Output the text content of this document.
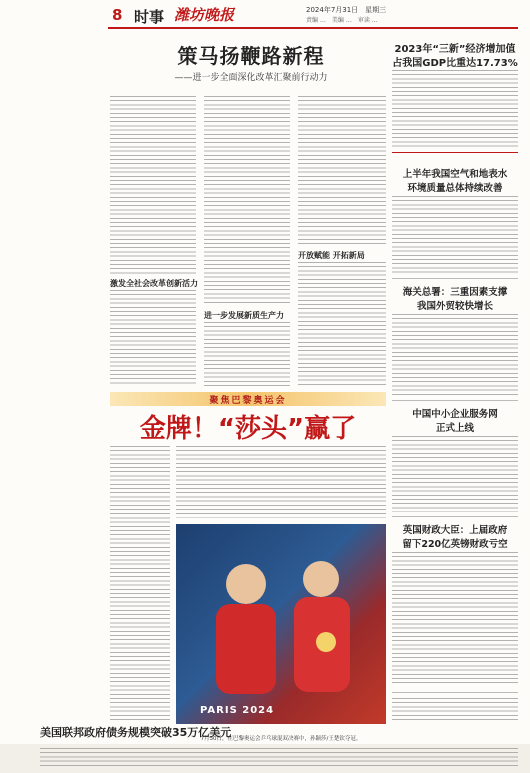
8 时事 潍坊晚报	2024年7月31日　星期三
责编 …　美编 …　审读 …
策马扬鞭路新程
——进一步全面深化改革汇聚前行动力
激发全社会改革创新活力
进一步发展新质生产力
开放赋能 开拓新局
聚焦巴黎奥运会
金牌！“莎头”赢了
PARIS 2024
7月30日，在巴黎奥运会乒乓球混双决赛中，孙颖莎/王楚钦夺冠。
2023年“三新”经济增加值
占我国GDP比重达17.73%
上半年我国空气和地表水
环境质量总体持续改善
海关总署：三重因素支撑
我国外贸较快增长
中国中小企业服务网
正式上线
英国财政大臣：上届政府
留下220亿英镑财政亏空
美国联邦政府债务规模突破35万亿美元
